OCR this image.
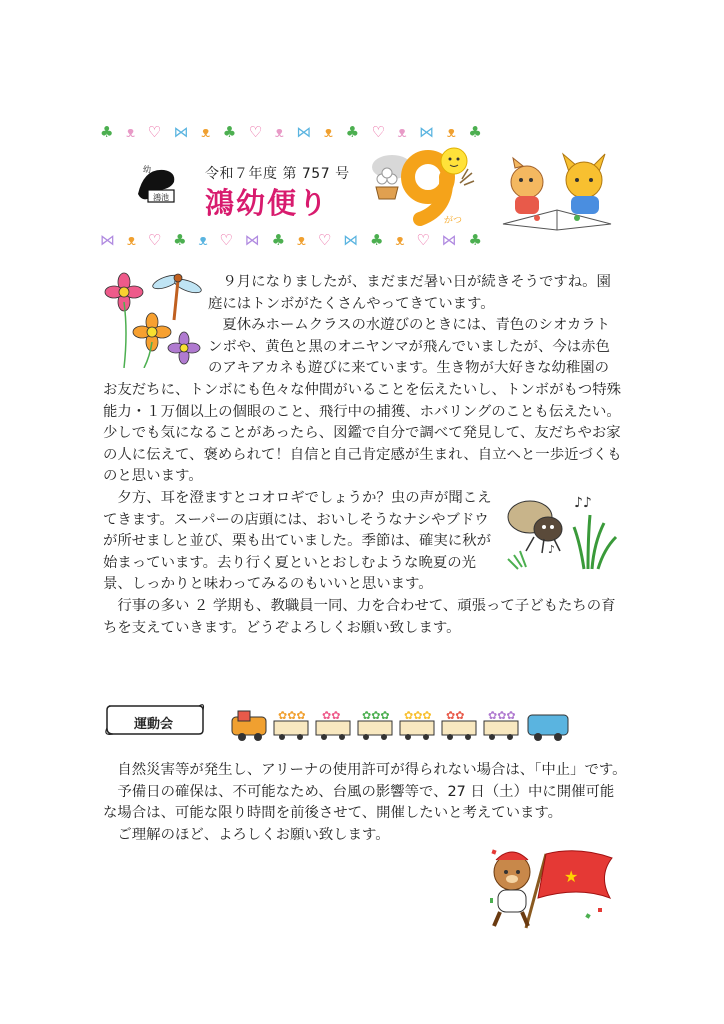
♣ ᴥ ♡ ⋈ ᴥ ♣ ♡ ᴥ ⋈ ᴥ ♣ ♡ ᴥ ⋈ ᴥ ♣
鴻池
幼	令和７年度 第 757 号
鴻幼便り
がつ
⋈ ᴥ ♡ ♣ ᴥ ♡ ⋈ ♣ ᴥ ♡ ⋈ ♣ ᴥ ♡ ⋈ ♣
　９月になりましたが、まだまだ暑い日が続きそうですね。園
庭にはトンボがたくさんやってきています。
　夏休みホームクラスの水遊びのときには、青色のシオカラト
ンボや、黄色と黒のオニヤンマが飛んでいましたが、今は赤色
のアキアカネも遊びに来ています。生き物が大好きな幼稚園の
お友だちに、トンボにも色々な仲間がいることを伝えたいし、トンボがもつ特殊
能力・１万個以上の個眼のこと、飛行中の捕獲、ホバリングのことも伝えたい。
少しでも気になることがあったら、図鑑で自分で調べて発見して、友だちやお家
の人に伝えて、褒められて！自信と自己肯定感が生まれ、自立へと一歩近づくも
のと思います。
　夕方、耳を澄ますとコオロギでしょうか？虫の声が聞こえ
てきます。スーパーの店頭には、おいしそうなナシやブドウ
が所せましと並び、栗も出ていました。季節は、確実に秋が
始まっています。去り行く夏といとおしむような晩夏の光
景、しっかりと味わってみるのもいいと思います。
♪♪
♪
　行事の多い ２ 学期も、教職員一同、力を合わせて、頑張って子どもたちの育
ちを支えていきます。どうぞよろしくお願い致します。
運動会
✿✿✿ ✿✿ ✿✿✿ ✿✿✿ ✿✿ ✿✿✿
　自然災害等が発生し、アリーナの使用許可が得られない場合は、「中止」です。
　予備日の確保は、不可能なため、台風の影響等で、27 日（土）中に開催可能
な場合は、可能な限り時間を前後させて、開催したいと考えています。
　ご理解のほど、よろしくお願い致します。
★
